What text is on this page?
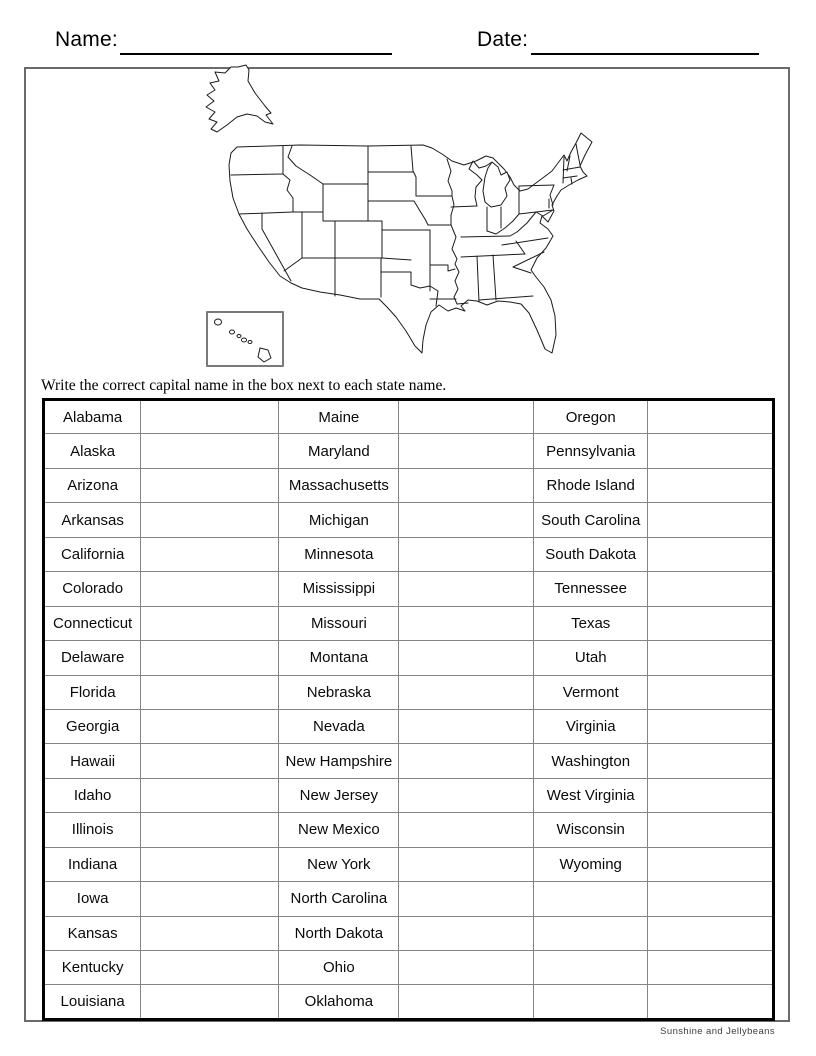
Name:	Date:
Write the correct capital name in the box next to each state name.
Alabama		Maine		Oregon	
Alaska		Maryland		Pennsylvania	
Arizona		Massachusetts		Rhode Island	
Arkansas		Michigan		South Carolina	
California		Minnesota		South Dakota	
Colorado		Mississippi		Tennessee	
Connecticut		Missouri		Texas	
Delaware		Montana		Utah	
Florida		Nebraska		Vermont	
Georgia		Nevada		Virginia	
Hawaii		New Hampshire		Washington	
Idaho		New Jersey		West Virginia	
Illinois		New Mexico		Wisconsin	
Indiana		New York		Wyoming	
Iowa		North Carolina			
Kansas		North Dakota			
Kentucky		Ohio			
Louisiana		Oklahoma			
Sunshine and Jellybeans
